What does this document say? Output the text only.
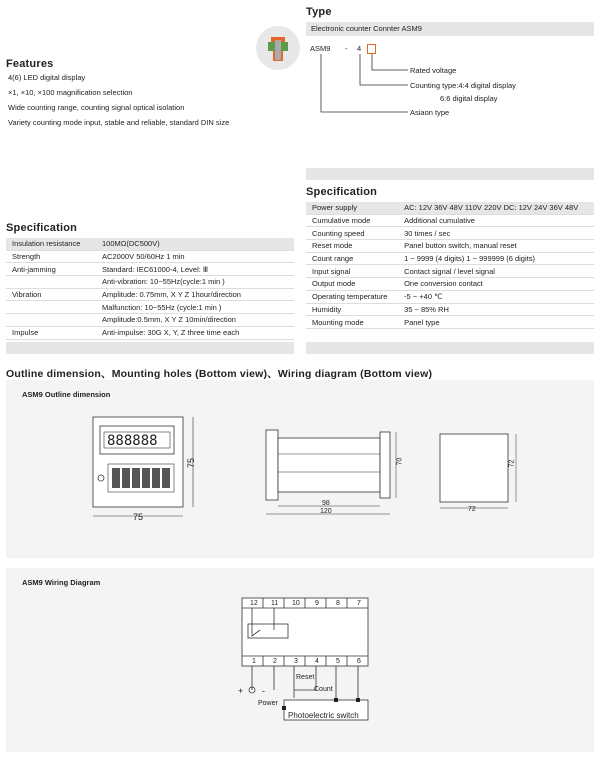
Type
Electronic counter Connter ASM9
ASM9 - 4
Rated voltage
Counting type:4:4 digital display
6:6 digital display
Asiaon type
Features
4(6) LED digital display
×1, ×10, ×100 magnification selection
Wide counting range, counting signal optical isolation
Variety counting mode input, stable and reliable, standard DIN size
Specification
Power supply	AC: 12V 36V 48V 110V 220V DC: 12V 24V 36V 48V
Cumulative mode	Additional cumulative
Counting speed	30 times / sec
Reset mode	Panel button switch, manual reset
Count range	1 ~ 9999 (4 digits) 1 ~ 999999 (6 digits)
Input signal	Contact signal / level signal
Output mode	One conversion contact
Operating temperature	-5 ~ +40 ℃
Humidity	35 ~ 85% RH
Mounting mode	Panel type
Specification
Insulation resistance	100MΩ(DC500V)
Strength	AC2000V 50/60Hz 1 min
Anti-jamming	Standard: IEC61000-4, Level: Ⅲ
	Anti-vibration: 10~55Hz(cycle:1 min )
Vibration	Amplitude: 0.75mm, X Y Z 1hour/direction
	Malfunction: 10~55Hz (cycle:1 min )
	Amplitude:0.5mm, X Y Z 10min/direction
Impulse	Anti-impulse: 30G X, Y, Z three time each

Outline dimension、Mounting holes (Bottom view)、Wiring diagram (Bottom view)
ASM9 Outline dimension
888888
75
75
98
120
70
72
72
ASM9 Wiring Diagram
12 11 10 9 8 7
1 2 3 4 5 6
+ -
Power
Reset
Count
Photoelectric switch
